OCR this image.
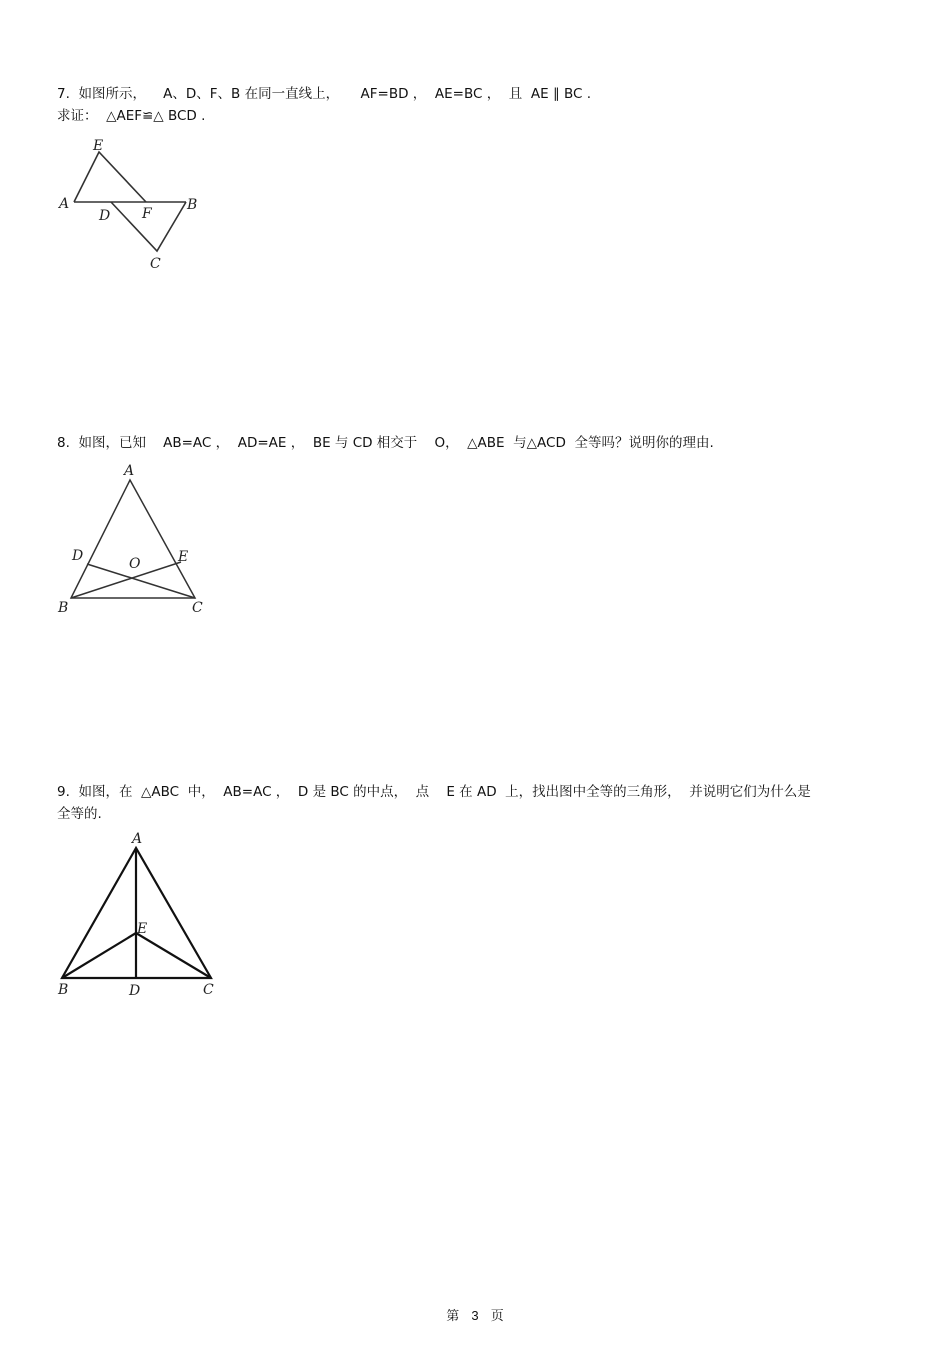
7.  如图所示，    A、D、F、B 在同一直线上，     AF=BD ，  AE=BC ，  且  AE ∥ BC .
求证：  △AEF≌△ BCD .
A
E
D F
B
C
8.  如图，已知    AB=AC ，  AD=AE ，  BE 与 CD 相交于    O，  △ABE  与△ACD  全等吗？说明你的理由.
A
D	O	E
B	C
9.  如图，在  △ABC  中，  AB=AC ，  D 是 BC 的中点，  点    E 在 AD  上，找出图中全等的三角形，  并说明它们为什么是
全等的.
A
E
B	D	C
第 3 页
